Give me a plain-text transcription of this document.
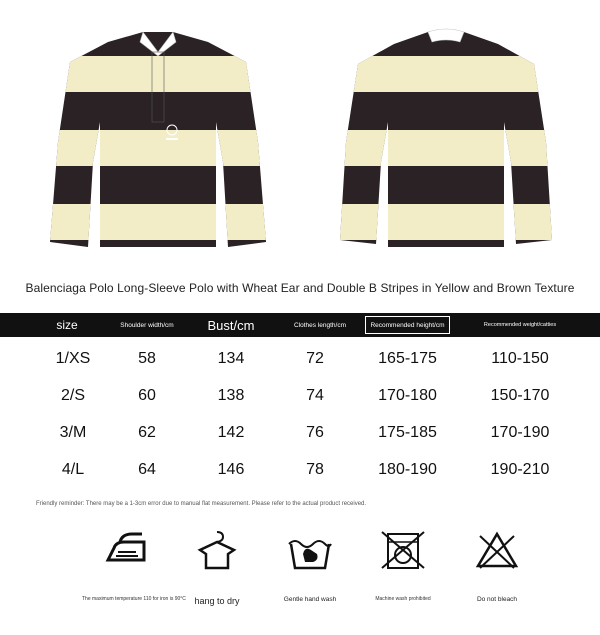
Balenciaga Polo Long-Sleeve Polo with Wheat Ear and Double B Stripes in Yellow and Brown Texture
size	Shoulder width/cm	Bust/cm	Clothes length/cm	Recommended height/cm	Recommended weight/catties
1/XS	58	134	72	165-175	110-150
2/S	60	138	74	170-180	150-170
3/M	62	142	76	175-185	170-190
4/L	64	146	78	180-190	190-210
Friendly reminder: There may be a 1-3cm error due to manual flat measurement. Please refer to the actual product received.
The maximum temperature 110 for iron is 90°C hang to dry	Gentle hand wash	Machine wash prohibited	Do not bleach
